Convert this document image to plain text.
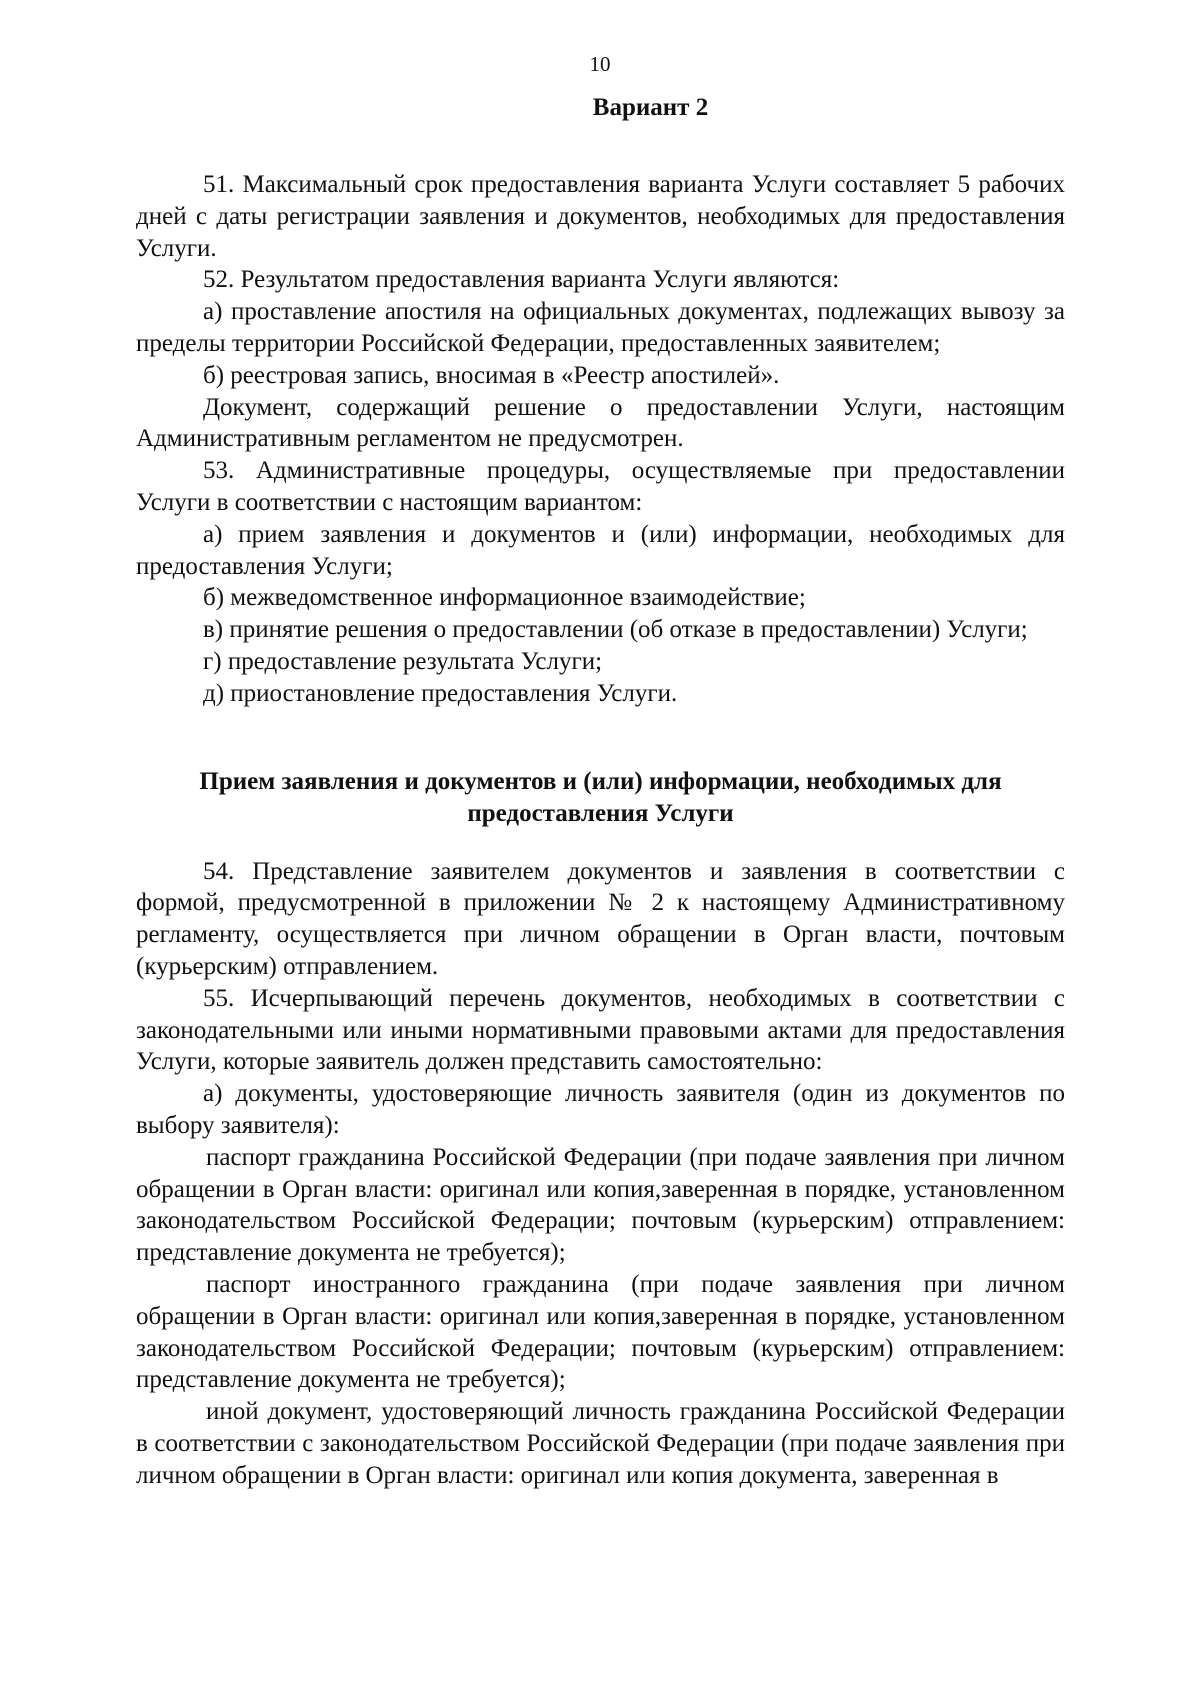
10
Вариант 2

51. Максимальный срок предоставления варианта Услуги составляет 5 рабочих дней с даты регистрации заявления и документов, необходимых для предоставления Услуги.

52. Результатом предоставления варианта Услуги являются:

а) проставление апостиля на официальных документах, подлежащих вывозу за пределы территории Российской Федерации, предоставленных заявителем;

б) реестровая запись, вносимая в «Реестр апостилей».

Документ, содержащий решение о предоставлении Услуги, настоящим Административным регламентом не предусмотрен.

53. Административные процедуры, осуществляемые при предоставлении Услуги в соответствии с настоящим вариантом:

а) прием заявления и документов и (или) информации, необходимых для предоставления Услуги;

б) межведомственное информационное взаимодействие;

в) принятие решения о предоставлении (об отказе в предоставлении) Услуги;

г) предоставление результата Услуги;

д) приостановление предоставления Услуги.

Прием заявления и документов и (или) информации, необходимых для предоставления Услуги

54. Представление заявителем документов и заявления в соответствии с формой, предусмотренной в приложении № 2 к настоящему Административному регламенту, осуществляется при личном обращении в Орган власти, почтовым (курьерским) отправлением.

55. Исчерпывающий перечень документов, необходимых в соответствии с законодательными или иными нормативными правовыми актами для предоставления Услуги, которые заявитель должен представить самостоятельно:

а) документы, удостоверяющие личность заявителя (один из документов по выбору заявителя):

паспорт гражданина Российской Федерации (при подаче заявления при личном обращении в Орган власти: оригинал или копия,заверенная в порядке, установленном законодательством Российской Федерации; почтовым (курьерским) отправлением: представление документа не требуется);

паспорт иностранного гражданина (при подаче заявления при личном обращении в Орган власти: оригинал или копия,заверенная в порядке, установленном законодательством Российской Федерации; почтовым (курьерским) отправлением: представление документа не требуется);

иной документ, удостоверяющий личность гражданина Российской Федерации в соответствии с законодательством Российской Федерации (при подаче заявления при личном обращении в Орган власти: оригинал или копия документа, заверенная в
